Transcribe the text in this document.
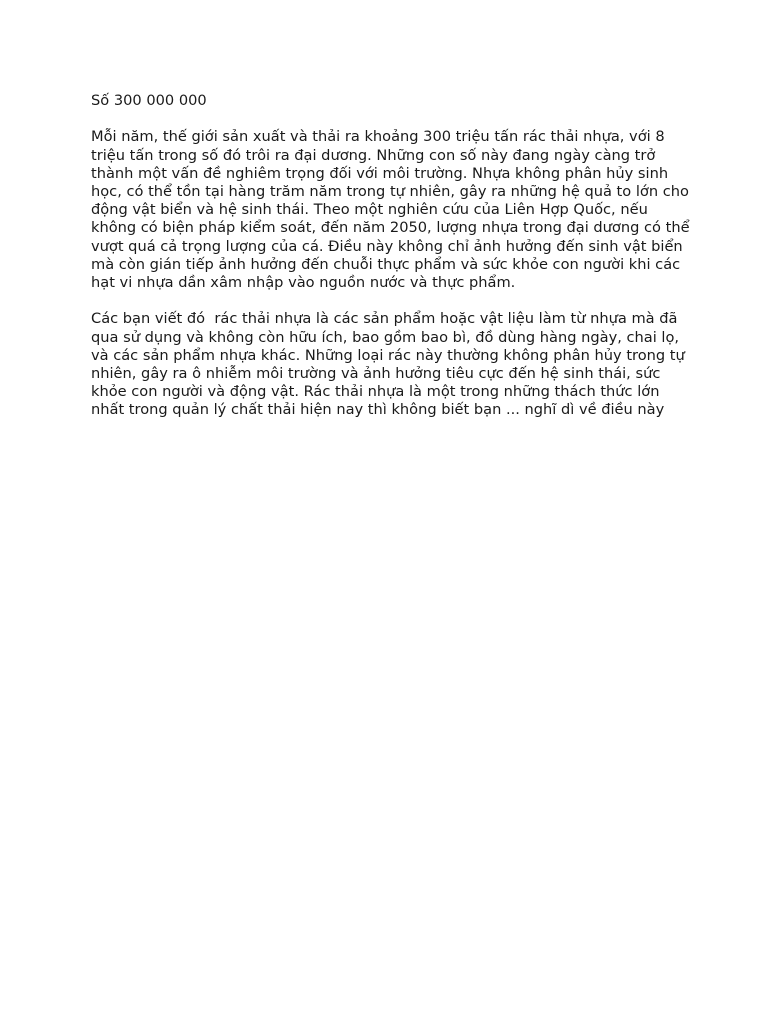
Số 300 000 000

Mỗi năm, thế giới sản xuất và thải ra khoảng 300 triệu tấn rác thải nhựa, với 8 triệu tấn trong số đó trôi ra đại dương. Những con số này đang ngày càng trở thành một vấn đề nghiêm trọng đối với môi trường. Nhựa không phân hủy sinh học, có thể tồn tại hàng trăm năm trong tự nhiên, gây ra những hệ quả to lớn cho động vật biển và hệ sinh thái. Theo một nghiên cứu của Liên Hợp Quốc, nếu không có biện pháp kiểm soát, đến năm 2050, lượng nhựa trong đại dương có thể vượt quá cả trọng lượng của cá. Điều này không chỉ ảnh hưởng đến sinh vật biển mà còn gián tiếp ảnh hưởng đến chuỗi thực phẩm và sức khỏe con người khi các hạt vi nhựa dần xâm nhập vào nguồn nước và thực phẩm.

Các bạn viết đó  rác thải nhựa là các sản phẩm hoặc vật liệu làm từ nhựa mà đã qua sử dụng và không còn hữu ích, bao gồm bao bì, đồ dùng hàng ngày, chai lọ, và các sản phẩm nhựa khác. Những loại rác này thường không phân hủy trong tự nhiên, gây ra ô nhiễm môi trường và ảnh hưởng tiêu cực đến hệ sinh thái, sức khỏe con người và động vật. Rác thải nhựa là một trong những thách thức lớn nhất trong quản lý chất thải hiện nay thì không biết bạn ... nghĩ dì về điều này
